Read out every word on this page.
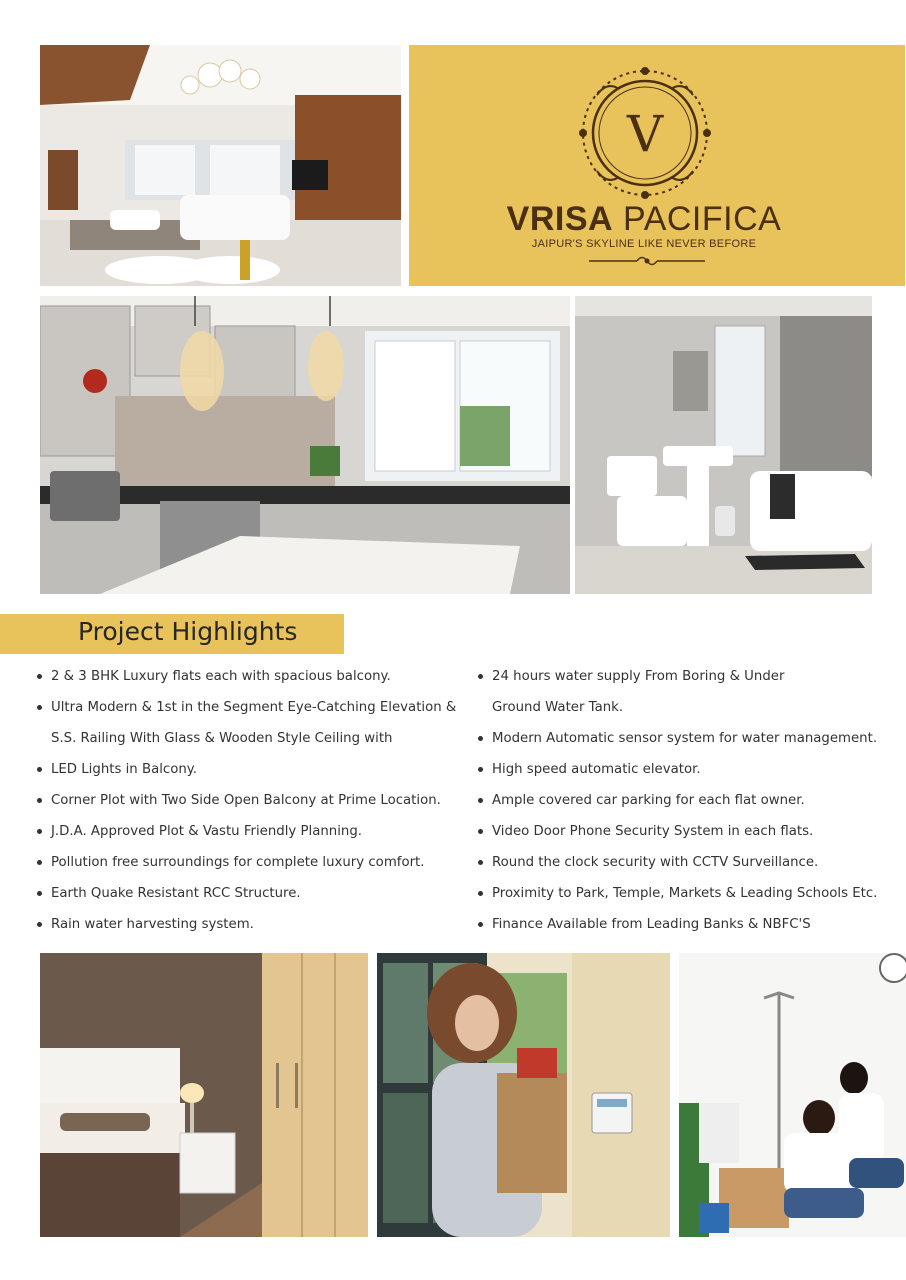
V
VRISA PACIFICA
JAIPUR'S SKYLINE LIKE NEVER BEFORE
Project Highlights
2 & 3 BHK Luxury flats each with spacious balcony.
Ultra Modern & 1st in the Segment Eye-Catching Elevation &
S.S. Railing With Glass & Wooden Style Ceiling with
LED Lights in Balcony.
Corner Plot with Two Side Open Balcony at Prime Location.
J.D.A. Approved Plot & Vastu Friendly Planning.
Pollution free surroundings for complete luxury comfort.
Earth Quake Resistant RCC Structure.
Rain water harvesting system.
24 hours water supply From Boring & Under
Ground Water Tank.
Modern Automatic sensor system for water management.
High speed automatic elevator.
Ample covered car parking for each flat owner.
Video Door Phone Security System in each flats.
Round the clock security with CCTV Surveillance.
Proximity to Park, Temple, Markets & Leading Schools Etc.
Finance Available from Leading Banks & NBFC'S
